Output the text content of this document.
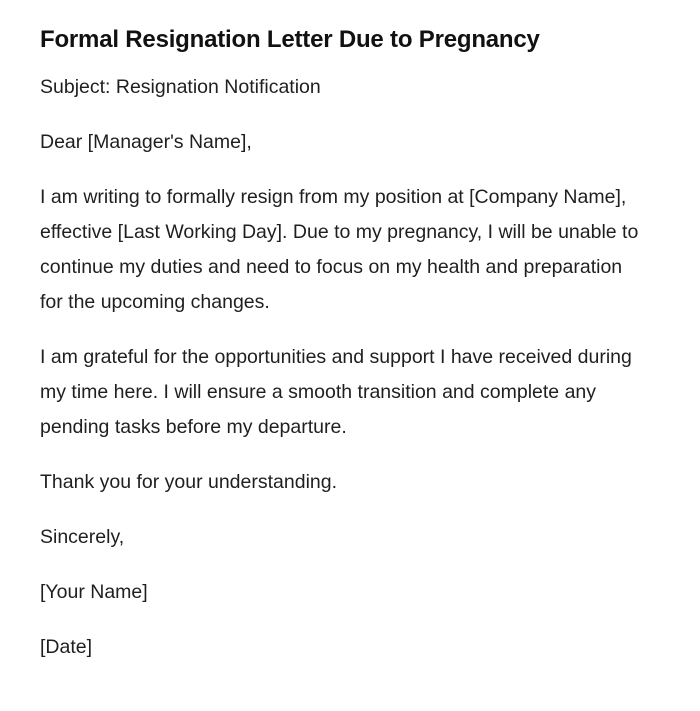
Formal Resignation Letter Due to Pregnancy

Subject: Resignation Notification

Dear [Manager's Name],

I am writing to formally resign from my position at [Company Name], effective [Last Working Day]. Due to my pregnancy, I will be unable to continue my duties and need to focus on my health and preparation for the upcoming changes.

I am grateful for the opportunities and support I have received during my time here. I will ensure a smooth transition and complete any pending tasks before my departure.

Thank you for your understanding.

Sincerely,

[Your Name]

[Date]
